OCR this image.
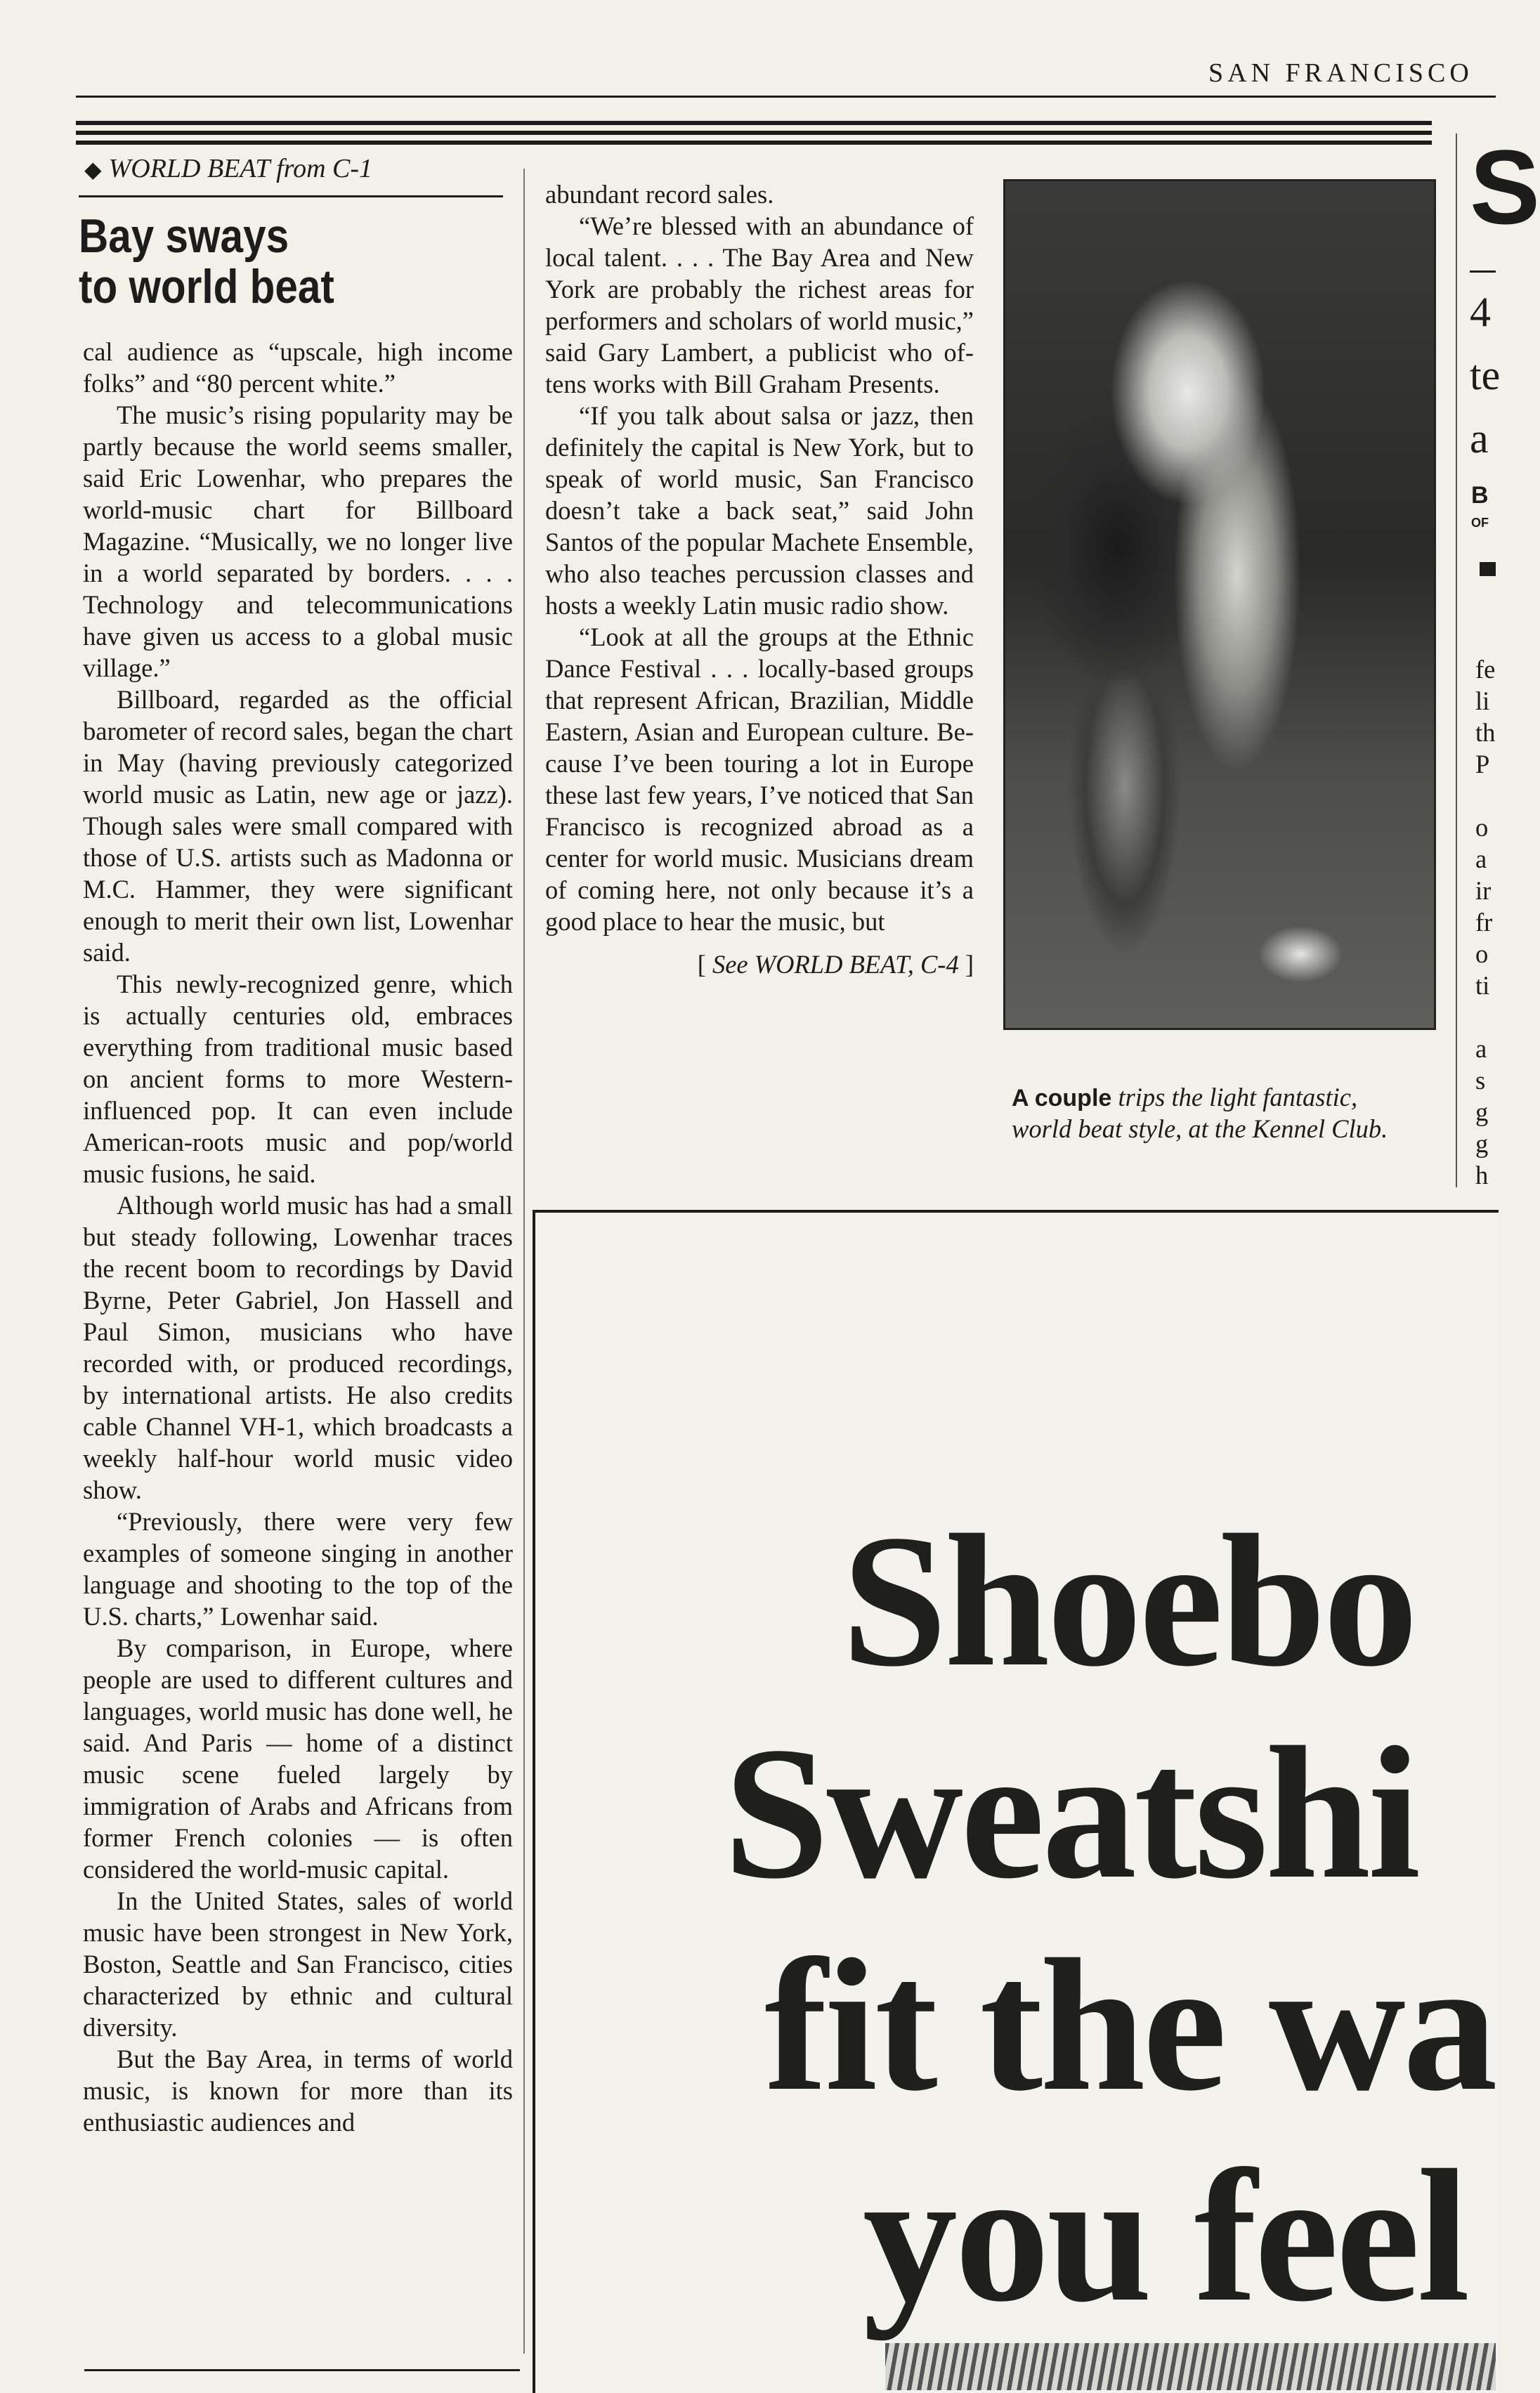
SAN FRANCISCO
◆ WORLD BEAT from C-1
Bay sways
to world beat

cal audience as “upscale, high income folks” and “80 percent white.”

The music’s rising popularity may be partly because the world seems smaller, said Eric Lowenhar, who prepares the world-music chart for Billboard Magazine. “Musically, we no longer live in a world separated by borders. . . . Technology and telecommunications have given us access to a global music village.”

Billboard, regarded as the official barometer of record sales, began the chart in May (having previously categorized world music as Latin, new age or jazz). Though sales were small compared with those of U.S. artists such as Madonna or M.C. Hammer, they were significant enough to merit their own list, Lowenhar said.

This newly-recognized genre, which is actually centuries old, embraces everything from traditional music based on ancient forms to more Western-influenced pop. It can even include American-roots music and pop/world music fusions, he said.

Although world music has had a small but steady following, Lowenhar traces the recent boom to recordings by David Byrne, Peter Gabriel, Jon Hassell and Paul Simon, musicians who have recorded with, or produced recordings, by international artists. He also credits cable Channel VH-1, which broadcasts a weekly half-hour world music video show.

“Previously, there were very few examples of someone singing in another language and shooting to the top of the U.S. charts,” Lowenhar said.

By comparison, in Europe, where people are used to different cultures and languages, world music has done well, he said. And Paris — home of a distinct music scene fueled largely by immigration of Arabs and Africans from former French colonies — is often considered the world-music capital.

In the United States, sales of world music have been strongest in New York, Boston, Seattle and San Francisco, cities characterized by ethnic and cultural diversity.

But the Bay Area, in terms of world music, is known for more than its enthusiastic audiences and

abundant record sales.

“We’re blessed with an abundance of local talent. . . . The Bay Area and New York are probably the richest areas for performers and scholars of world music,” said Gary Lambert, a publicist who oftens works with Bill Graham Presents.

“If you talk about salsa or jazz, then definitely the capital is New York, but to speak of world music, San Francisco doesn’t take a back seat,” said John Santos of the popular Machete Ensemble, who also teaches percussion classes and hosts a weekly Latin music radio show.

“Look at all the groups at the Ethnic Dance Festival . . . locally-based groups that represent African, Brazilian, Middle Eastern, Asian and European culture. Because I’ve been touring a lot in Europe these last few years, I’ve noticed that San Francisco is recognized abroad as a center for world music. Musicians dream of coming here, not only because it’s a good place to hear the music, but

[ See WORLD BEAT, C-4 ]
A couple trips the light fantastic, world beat style, at the Kennel Club.
S
4
tе
a
B
OF
fe
li
th
P

o
a
ir
fr
o
ti

a
s
g
g
h
Shoebo
Sweatshi
fit the wa
you feel
